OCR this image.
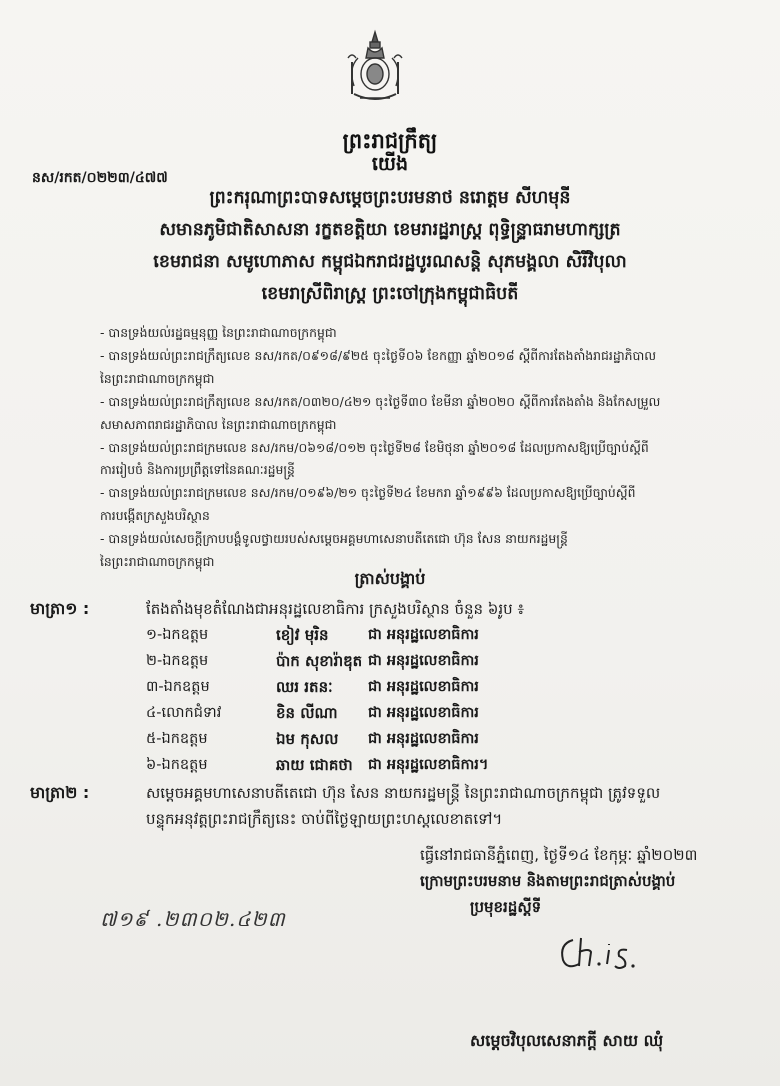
ព្រះរាជក្រឹត្យ
នស/រកត/០២២៣/៤៧៧
យើង
ព្រះករុណាព្រះបាទសម្តេចព្រះបរមនាថ នរោត្តម សីហមុនី
សមានភូមិជាតិសាសនា រក្ខតខត្តិយា ខេមរារដ្ឋរាស្ត្រ ពុទ្ធិន្ទ្រាធរាមហាក្សត្រ
ខេមរាជនា សមូហោភាស កម្ពុជឯករាជរដ្ឋបូរណសន្តិ សុភមង្គលា សិរីវិបុលា
ខេមរាស្រីពិរាស្ត្រ ព្រះចៅក្រុងកម្ពុជាធិបតី

- បានទ្រង់យល់រដ្ឋធម្មនុញ្ញ នៃព្រះរាជាណាចក្រកម្ពុជា

- បានទ្រង់យល់ព្រះរាជក្រឹត្យលេខ នស/រកត/០៩១៨/៩២៥ ចុះថ្ងៃទី០៦ ខែកញ្ញា ឆ្នាំ២០១៨ ស្តីពីការតែងតាំងរាជរដ្ឋាភិបាល

នៃព្រះរាជាណាចក្រកម្ពុជា

- បានទ្រង់យល់ព្រះរាជក្រឹត្យលេខ នស/រកត/០៣២០/៤២១ ចុះថ្ងៃទី៣០ ខែមីនា ឆ្នាំ២០២០ ស្តីពីការតែងតាំង និងកែសម្រួល

សមាសភាពរាជរដ្ឋាភិបាល នៃព្រះរាជាណាចក្រកម្ពុជា

- បានទ្រង់យល់ព្រះរាជក្រមលេខ នស/រកម/០៦១៨/០១២ ចុះថ្ងៃទី២៨ ខែមិថុនា ឆ្នាំ២០១៨ ដែលប្រកាសឱ្យប្រើច្បាប់ស្តីពី

ការរៀបចំ និងការប្រព្រឹត្តទៅនៃគណៈរដ្ឋមន្ត្រី

- បានទ្រង់យល់ព្រះរាជក្រមលេខ នស/រកម/០១៩៦/២១ ចុះថ្ងៃទី២៤ ខែមករា ឆ្នាំ១៩៩៦ ដែលប្រកាសឱ្យប្រើច្បាប់ស្តីពី

ការបង្កើតក្រសួងបរិស្ថាន

- បានទ្រង់យល់សេចក្តីក្រាបបង្គំទូលថ្វាយរបស់សម្តេចអគ្គមហាសេនាបតីតេជោ ហ៊ុន សែន នាយករដ្ឋមន្ត្រី

នៃព្រះរាជាណាចក្រកម្ពុជា

ត្រាស់បង្គាប់
មាត្រា១ :	តែងតាំងមុខតំណែងជាអនុរដ្ឋលេខាធិការ ក្រសួងបរិស្ថាន ចំនួន ៦រូប ៖
១-ឯកឧត្តម	ខៀវ មុរិន	ជា អនុរដ្ឋលេខាធិការ
២-ឯកឧត្តម	ប៉ាក សុខារ៉ាឌុត ជា អនុរដ្ឋលេខាធិការ
៣-ឯកឧត្តម	ឈរ រតនៈ ជា អនុរដ្ឋលេខាធិការ
៤-លោកជំទាវ	ខិន លីណា ជា អនុរដ្ឋលេខាធិការ
៥-ឯកឧត្តម	ឯម កុសល ជា អនុរដ្ឋលេខាធិការ
៦-ឯកឧត្តម	ឆាយ ជោគថា ជា អនុរដ្ឋលេខាធិការ។
មាត្រា២ :	សម្តេចអគ្គមហាសេនាបតីតេជោ ហ៊ុន សែន នាយករដ្ឋមន្ត្រី នៃព្រះរាជាណាចក្រកម្ពុជា ត្រូវទទួល
បន្ទុកអនុវត្តព្រះរាជក្រឹត្យនេះ ចាប់ពីថ្ងៃឡាយព្រះហស្តលេខាតទៅ។
ធ្វើនៅរាជធានីភ្នំពេញ, ថ្ងៃទី១៤ ខែកុម្ភៈ ឆ្នាំ២០២៣
ក្រោមព្រះបរមនាម និងតាមព្រះរាជត្រាស់បង្គាប់
ប្រមុខរដ្ឋស្តីទី
៧១៩ .២៣០២.៤២៣
សម្តេចវិបុលសេនាភក្តី សាយ ឈុំ
